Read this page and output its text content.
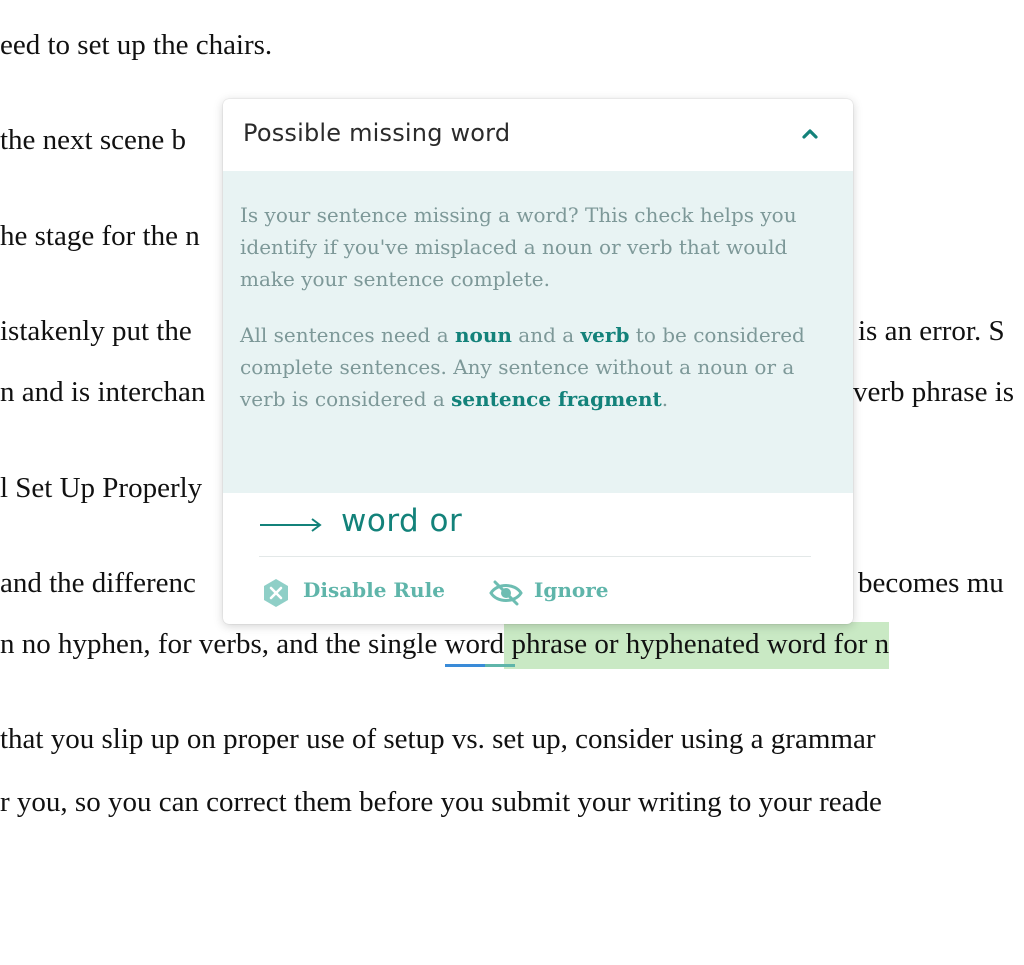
eed to set up the chairs.
the next scene b
he stage for the n
istakenly put the	is an error. S
n and is interchan	verb phrase is
l Set Up Properly
and the differenc	becomes mu
n no hyphen, for verbs, and the single word
phrase or hyphenated word for n
that you slip up on proper use of setup vs. set up, consider using a grammar
r you, so you can correct them before you submit your writing to your reade
Possible missing word

Is your sentence missing a word? This check helps you identify if you've misplaced a noun or verb that would make your sentence complete.

All sentences need a noun and a verb to be considered complete sentences. Any sentence without a noun or a verb is considered a sentence fragment.

word or
Disable Rule	Ignore
